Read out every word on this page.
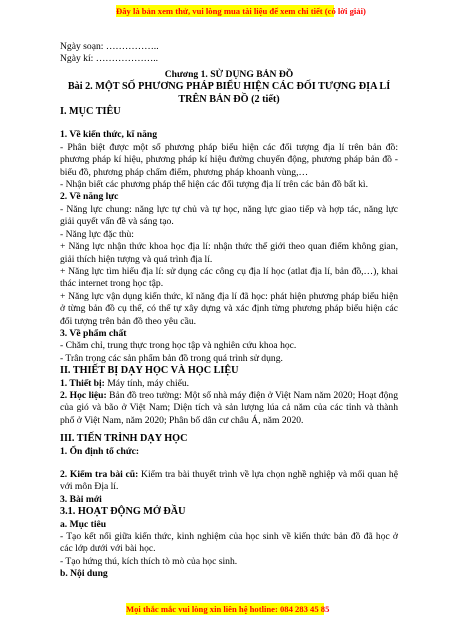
Đây là bản xem thử, vui lòng mua tài liệu để xem chi tiết (có lời giải)

Ngày soạn: ……………..

Ngày kí: ………………..

Chương 1. SỬ DỤNG BẢN ĐỒ

Bài 2. MỘT SỐ PHƯƠNG PHÁP BIỂU HIỆN CÁC ĐỐI TƯỢNG ĐỊA LÍ TRÊN BẢN ĐỒ (2 tiết)

I. MỤC TIÊU

1. Về kiến thức, kĩ năng

- Phân biệt được một số phương pháp biểu hiện các đối tượng địa lí trên bản đồ: phương pháp kí hiệu, phương pháp kí hiệu đường chuyển động, phương pháp bản đồ - biểu đồ, phương pháp chấm điểm, phương pháp khoanh vùng,…

- Nhận biết các phương pháp thể hiện các đối tượng địa lí trên các bản đồ bất kì.

2. Về năng lực

- Năng lực chung: năng lực tự chủ và tự học, năng lực giao tiếp và hợp tác, năng lực giải quyết vấn đề và sáng tạo.

- Năng lực đặc thù:

+ Năng lực nhận thức khoa học địa lí: nhận thức thế giới theo quan điểm không gian, giải thích hiện tượng và quá trình địa lí.

+ Năng lực tìm hiểu địa lí: sử dụng các công cụ địa lí học (atlat địa lí, bản đồ,…), khai thác internet trong học tập.

+ Năng lực vận dụng kiến thức, kĩ năng địa lí đã học: phát hiện phương pháp biểu hiện ở từng bản đồ cụ thể, có thể tự xây dựng và xác định từng phương pháp biểu hiện các đối tượng trên bản đồ theo yêu cầu.

3. Về phẩm chất

- Chăm chỉ, trung thực trong học tập và nghiên cứu khoa học.

- Trân trọng các sản phẩm bản đồ trong quá trình sử dụng.

II. THIẾT BỊ DẠY HỌC VÀ HỌC LIỆU

1. Thiết bị: Máy tính, máy chiếu.

2. Học liệu: Bản đồ treo tường: Một số nhà máy điện ở Việt Nam năm 2020; Hoạt động của gió và bão ở Việt Nam; Diện tích và sản lượng lúa cả năm của các tỉnh và thành phố ở Việt Nam, năm 2020; Phân bố dân cư châu Á, năm 2020.

III. TIẾN TRÌNH DẠY HỌC

1. Ổn định tổ chức:

2. Kiểm tra bài cũ: Kiểm tra bài thuyết trình về lựa chọn nghề nghiệp và mối quan hệ với môn Địa lí.

3. Bài mới

3.1. HOẠT ĐỘNG MỞ ĐẦU

a. Mục tiêu

- Tạo kết nối giữa kiến thức, kinh nghiệm của học sinh về kiến thức bản đồ đã học ở các lớp dưới với bài học.

- Tạo hứng thú, kích thích tò mò của học sinh.

b. Nội dung

Mọi thắc mắc vui lòng xin liên hệ hotline: 084 283 45 85
